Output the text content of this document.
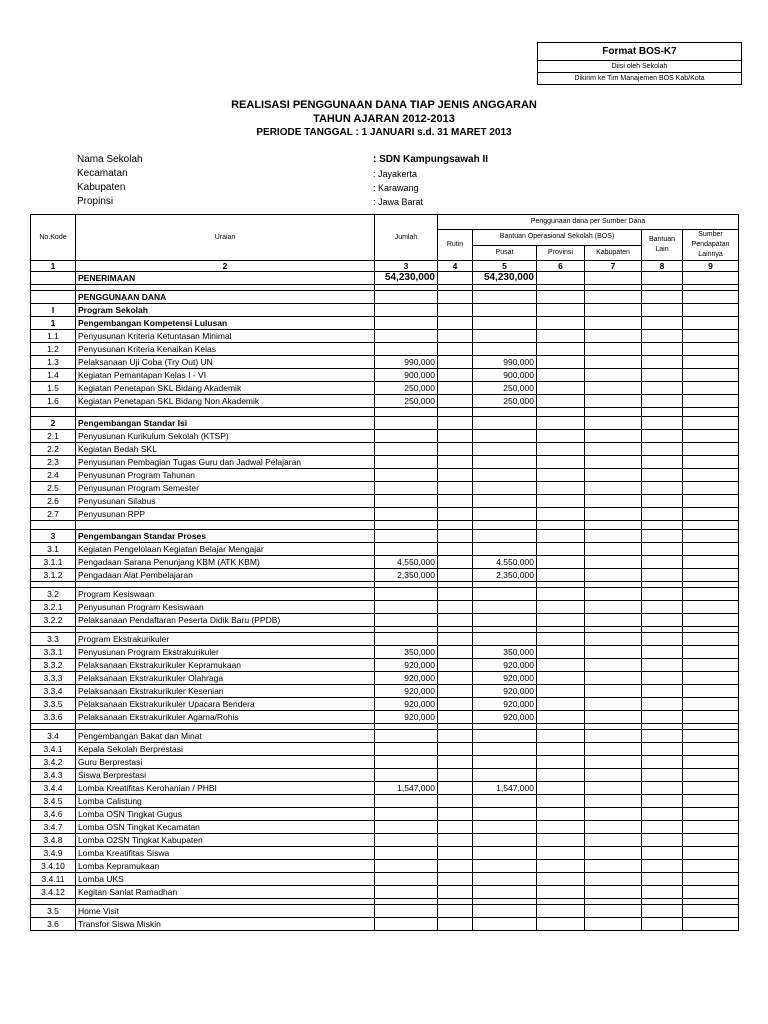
Format BOS-K7
Diisi oleh Sekolah
Dikirim ke Tim Manajemen BOS Kab/Kota
REALISASI PENGGUNAAN DANA TIAP JENIS ANGGARAN
TAHUN AJARAN 2012-2013
PERIODE TANGGAL : 1 JANUARI s.d. 31 MARET 2013
Nama Sekolah
Kecamatan
Kabupaten
Propinsi
: SDN Kampungsawah II
: Jayakerta
: Karawang
: Jawa Barat
No.Kode	Uraian	Jumlah	Penggunaan dana per Sumber Dana					
			Rutin	Bantuan Operasional Sekolah (BOS)			Bantuan Lain	Sumber Pendapatan Lainnya
				Pusat	Provinsi	Kabupaten		
1	2	3	4	5	6	7	8	9
	PENERIMAAN	54,230,000		54,230,000				

	PENGGUNAAN DANA							
I	Program Sekolah							
1	Pengembangan Kompetensi Lulusan							
1.1	Penyusunan Kriteria Ketuntasan Minimal							
1.2	Penyusunan Kriteria Kenaikan Kelas							
1.3	Pelaksanaan Uji Coba (Try Out) UN	990,000		990,000				
1.4	Kegiatan Pemantapan Kelas I - VI	900,000		900,000				
1.5	Kegiatan Penetapan SKL Bidang Akademik	250,000		250,000				
1.6	Kegiatan Penetapan SKL Bidang Non Akademik	250,000		250,000				

2	Pengembangan Standar Isi							
2.1	Penyusunan Kurikulum Sekolah (KTSP)							
2.2	Kegiatan Bedah SKL							
2.3	Penyusunan Pembagian Tugas Guru dan Jadwal Pelajaran							
2.4	Penyusunan Program Tahunan							
2.5	Penyusunan Program Semester							
2.6	Penyusunan Silabus							
2.7	Penyusunan RPP							

3	Pengembangan Standar Proses							
3.1	Kegiatan Pengelolaan Kegiatan Belajar Mengajar							
3.1.1	Pengadaan Sarana Penunjang KBM (ATK KBM)	4,550,000		4,550,000				
3.1.2	Pengadaan Alat Pembelajaran	2,350,000		2,350,000				

3.2	Program Kesiswaan							
3.2.1	Penyusunan Program Kesiswaan							
3.2.2	Pelaksanaan Pendaftaran Peserta Didik Baru (PPDB)							

3.3	Program Ekstrakurikuler							
3.3.1	Penyusunan Program Ekstrakurikuler	350,000		350,000				
3.3.2	Pelaksanaan Ekstrakurikuler Kepramukaan	920,000		920,000				
3.3.3	Pelaksanaan Ekstrakurikuler Olahraga	920,000		920,000				
3.3.4	Pelaksanaan Ekstrakurikuler Kesenian	920,000		920,000				
3.3.5	Pelaksanaan Ekstrakurikuler Upacara Bendera	920,000		920,000				
3.3.6	Pelaksanaan Ekstrakurikuler Agama/Rohis	920,000		920,000				

3.4	Pengembangan Bakat dan Minat							
3.4.1	Kepala Sekolah Berprestasi							
3.4.2	Guru Berprestasi							
3.4.3	Siswa Berprestasi							
3.4.4	Lomba Kreatifitas Kerohanian / PHBI	1,547,000		1,547,000				
3.4.5	Lomba Calistung							
3.4.6	Lomba OSN Tingkat Gugus							
3.4.7	Lomba OSN Tingkat Kecamatan							
3.4.8	Lomba O2SN Tingkat Kabupaten							
3.4.9	Lomba Kreatifitas Siswa							
3.4.10	Lomba Kepramukaan							
3.4.11	Lomba UKS							
3.4.12	Kegitan Sanlat Ramadhan							

3.5	Home Visit							
3.6	Transfor Siswa Miskin							
